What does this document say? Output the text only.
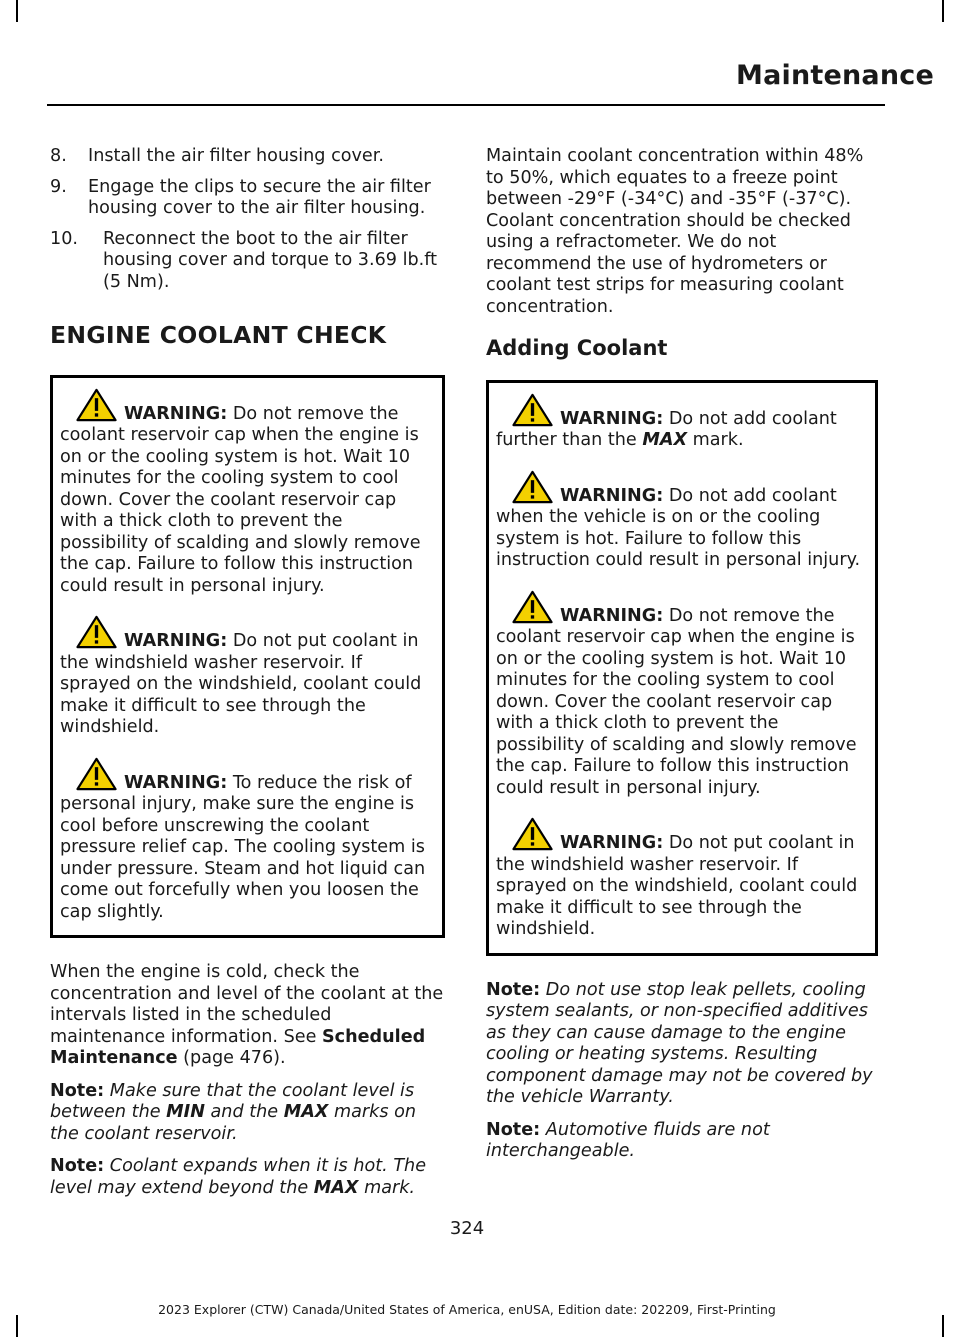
Maintenance
8. Install the air filter housing cover.
9. Engage the clips to secure the air filter housing cover to the air filter housing.
10. Reconnect the boot to the air filter housing cover and torque to 3.69 lb.ft (5 Nm).
ENGINE COOLANT CHECK
WARNING: Do not remove the coolant reservoir cap when the engine is on or the cooling system is hot. Wait 10 minutes for the cooling system to cool down. Cover the coolant reservoir cap with a thick cloth to prevent the possibility of scalding and slowly remove the cap. Failure to follow this instruction could result in personal injury.
WARNING: Do not put coolant in the windshield washer reservoir. If sprayed on the windshield, coolant could make it difficult to see through the windshield.
WARNING: To reduce the risk of personal injury, make sure the engine is cool before unscrewing the coolant pressure relief cap. The cooling system is under pressure. Steam and hot liquid can come out forcefully when you loosen the cap slightly.

When the engine is cold, check the concentration and level of the coolant at the intervals listed in the scheduled maintenance information. See Scheduled Maintenance (page 476).

Note: Make sure that the coolant level is between the MIN and the MAX marks on the coolant reservoir.

Note: Coolant expands when it is hot. The level may extend beyond the MAX mark.

Maintain coolant concentration within 48% to 50%, which equates to a freeze point between -29°F (-34°C) and -35°F (-37°C). Coolant concentration should be checked using a refractometer. We do not recommend the use of hydrometers or coolant test strips for measuring coolant concentration.

Adding Coolant
WARNING: Do not add coolant further than the MAX mark.
WARNING: Do not add coolant when the vehicle is on or the cooling system is hot. Failure to follow this instruction could result in personal injury.
WARNING: Do not remove the coolant reservoir cap when the engine is on or the cooling system is hot. Wait 10 minutes for the cooling system to cool down. Cover the coolant reservoir cap with a thick cloth to prevent the possibility of scalding and slowly remove the cap. Failure to follow this instruction could result in personal injury.
WARNING: Do not put coolant in the windshield washer reservoir. If sprayed on the windshield, coolant could make it difficult to see through the windshield.

Note: Do not use stop leak pellets, cooling system sealants, or non-specified additives as they can cause damage to the engine cooling or heating systems. Resulting component damage may not be covered by the vehicle Warranty.

Note: Automotive fluids are not interchangeable.

324
2023 Explorer (CTW) Canada/United States of America, enUSA, Edition date: 202209, First-Printing
